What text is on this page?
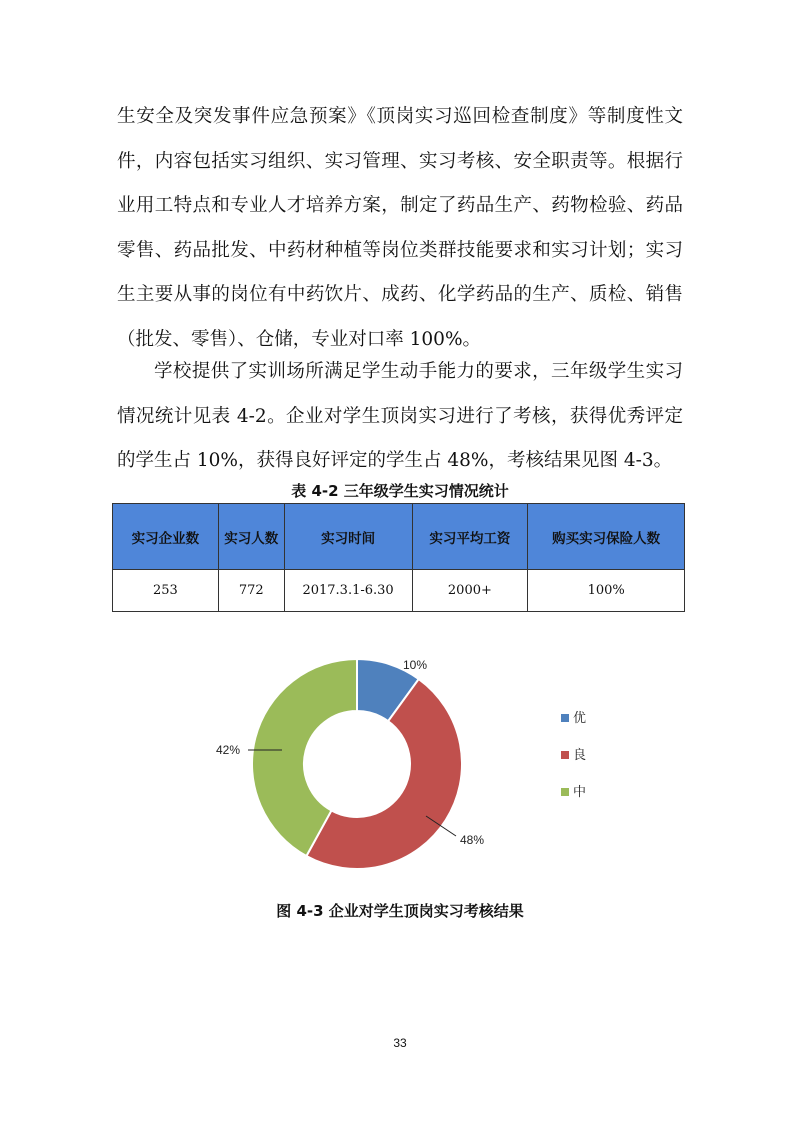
生安全及突发事件应急预案》《顶岗实习巡回检查制度》等制度性文件，内容包括实习组织、实习管理、实习考核、安全职责等。根据行业用工特点和专业人才培养方案，制定了药品生产、药物检验、药品零售、药品批发、中药材种植等岗位类群技能要求和实习计划；实习生主要从事的岗位有中药饮片、成药、化学药品的生产、质检、销售（批发、零售）、仓储，专业对口率 100%。

学校提供了实训场所满足学生动手能力的要求，三年级学生实习情况统计见表 4-2。企业对学生顶岗实习进行了考核，获得优秀评定的学生占 10%，获得良好评定的学生占 48%，考核结果见图 4-3。

表 4-2 三年级学生实习情况统计
实习企业数	实习人数	实习时间	实习平均工资	购买实习保险人数
253	772	2017.3.1-6.30	2000+	100%
10%
48%
42%
优
良
中
图 4-3 企业对学生顶岗实习考核结果
33
